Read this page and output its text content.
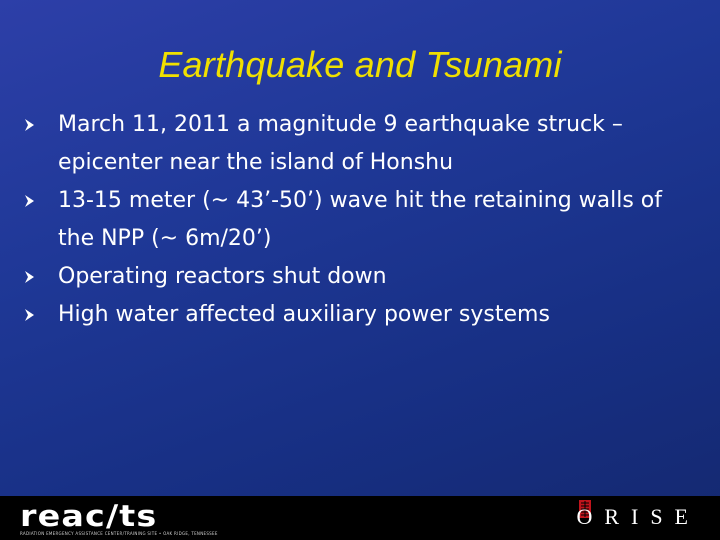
Earthquake and Tsunami
March 11, 2011 a magnitude 9 earthquake struck – epicenter near the island of Honshu
13-15 meter (~ 43’-50’) wave hit the retaining walls of the NPP (~ 6m/20’)
Operating reactors shut down
High water affected auxiliary power systems
reac/ts
RADIATION EMERGENCY ASSISTANCE CENTER/TRAINING SITE • OAK RIDGE, TENNESSEE
ORISE
